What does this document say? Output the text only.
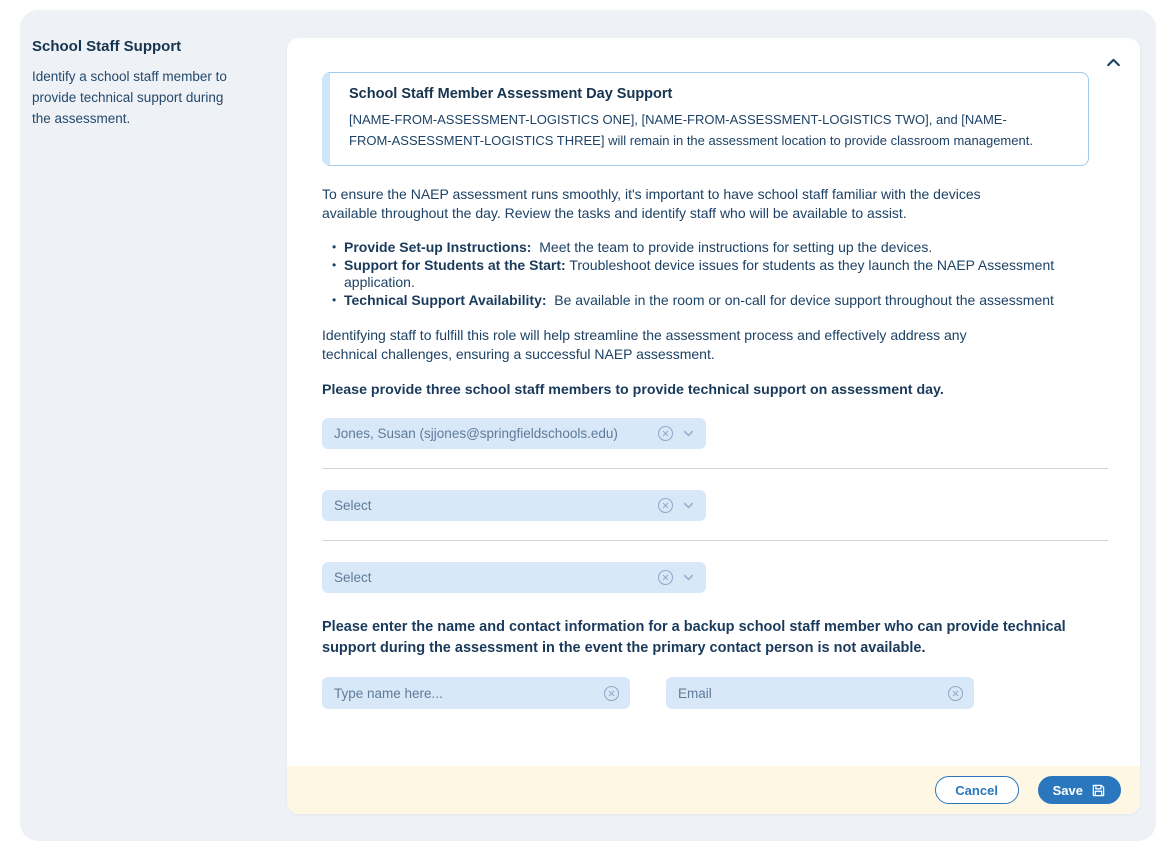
School Staff Support

Identify a school staff member to provide technical support during the assessment.

School Staff Member Assessment Day Support

[NAME-FROM-ASSESSMENT-LOGISTICS ONE], [NAME-FROM-ASSESSMENT-LOGISTICS TWO], and [NAME-FROM-ASSESSMENT-LOGISTICS THREE] will remain in the assessment location to provide classroom management.

To ensure the NAEP assessment runs smoothly, it's important to have school staff familiar with the devices available throughout the day. Review the tasks and identify staff who will be available to assist.

• Provide Set-up Instructions: Meet the team to provide instructions for setting up the devices.
• Support for Students at the Start: Troubleshoot device issues for students as they launch the NAEP Assessment application.
• Technical Support Availability: Be available in the room or on-call for device support throughout the assessment

Identifying staff to fulfill this role will help streamline the assessment process and effectively address any technical challenges, ensuring a successful NAEP assessment.

Please provide three school staff members to provide technical support on assessment day.

Jones, Susan (sjjones@springfieldschools.edu)
Select
Select

Please enter the name and contact information for a backup school staff member who can provide technical support during the assessment in the event the primary contact person is not available.

Type name here...
Email
Cancel	Save
